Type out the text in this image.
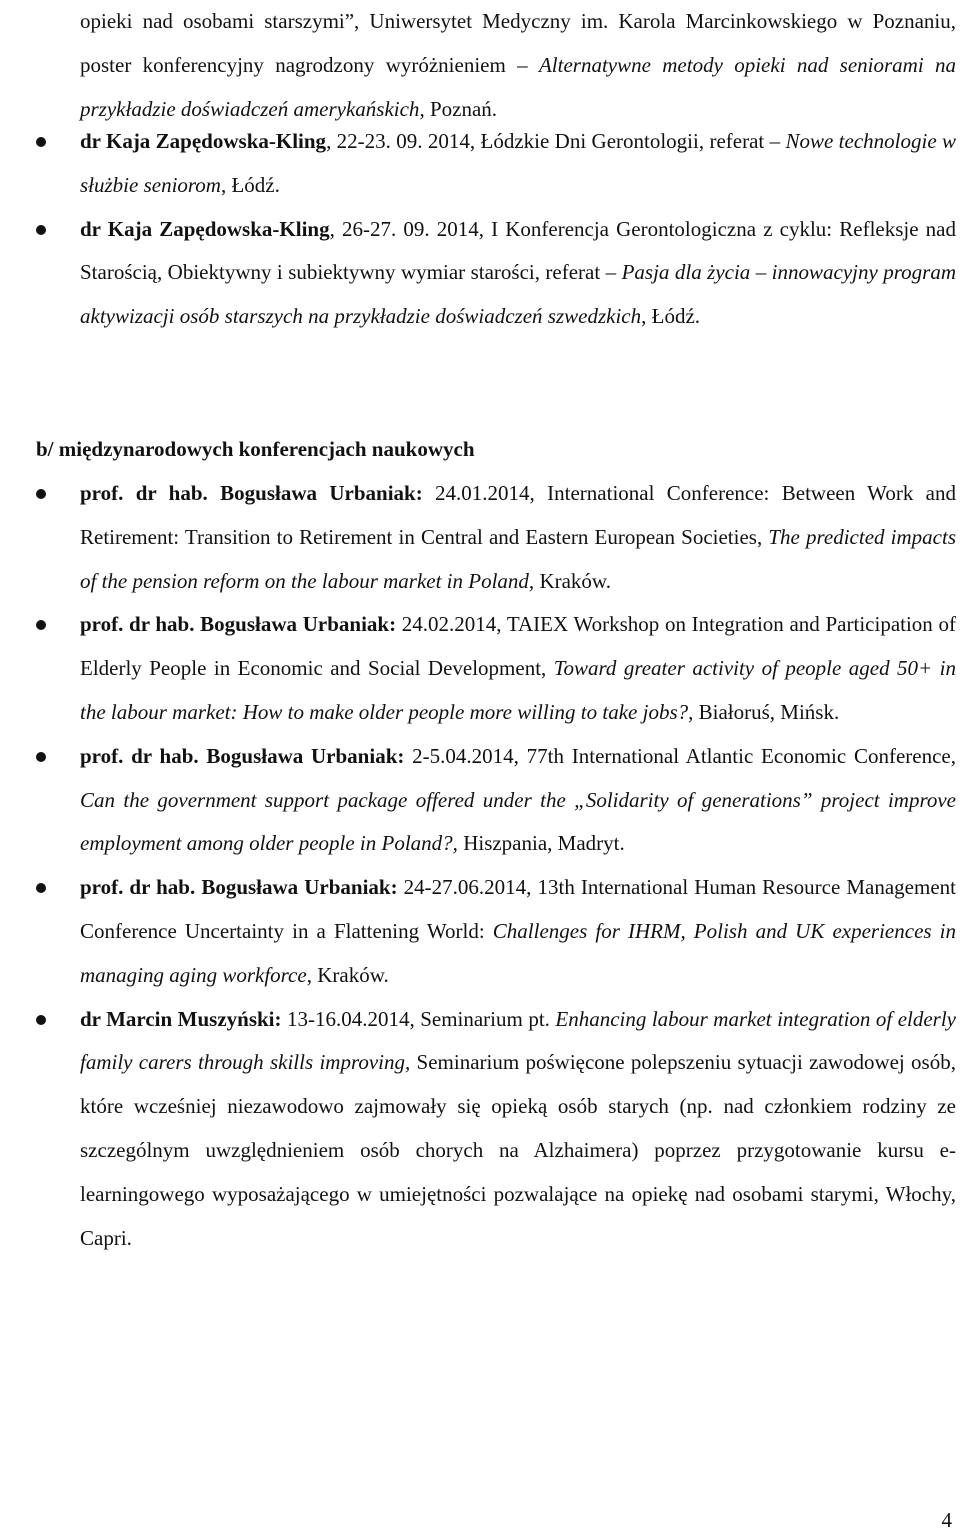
opieki nad osobami starszymi”, Uniwersytet Medyczny im. Karola Marcinkowskiego w Poznaniu, poster konferencyjny nagrodzony wyróżnieniem – Alternatywne metody opieki nad seniorami na przykładzie doświadczeń amerykańskich, Poznań.
dr Kaja Zapędowska-Kling, 22-23. 09. 2014, Łódzkie Dni Gerontologii, referat – Nowe technologie w służbie seniorom, Łódź.
dr Kaja Zapędowska-Kling, 26-27. 09. 2014, I Konferencja Gerontologiczna z cyklu: Refleksje nad Starością, Obiektywny i subiektywny wymiar starości, referat – Pasja dla życia – innowacyjny program aktywizacji osób starszych na przykładzie doświadczeń szwedzkich, Łódź.
b/ międzynarodowych konferencjach naukowych
prof. dr hab. Bogusława Urbaniak: 24.01.2014, International Conference: Between Work and Retirement: Transition to Retirement in Central and Eastern European Societies, The predicted impacts of the pension reform on the labour market in Poland, Kraków.
prof. dr hab. Bogusława Urbaniak: 24.02.2014, TAIEX Workshop on Integration and Participation of Elderly People in Economic and Social Development, Toward greater activity of people aged 50+ in the labour market: How to make older people more willing to take jobs?, Białoruś, Mińsk.
prof. dr hab. Bogusława Urbaniak: 2-5.04.2014, 77th International Atlantic Economic Conference, Can the government support package offered under the „Solidarity of generations” project improve employment among older people in Poland?, Hiszpania, Madryt.
prof. dr hab. Bogusława Urbaniak: 24-27.06.2014, 13th International Human Resource Management Conference Uncertainty in a Flattening World: Challenges for IHRM, Polish and UK experiences in managing aging workforce, Kraków.
dr Marcin Muszyński: 13-16.04.2014, Seminarium pt. Enhancing labour market integration of elderly family carers through skills improving, Seminarium poświęcone polepszeniu sytuacji zawodowej osób, które wcześniej niezawodowo zajmowały się opieką osób starych (np. nad członkiem rodziny ze szczególnym uwzględnieniem osób chorych na Alzhaimera) poprzez przygotowanie kursu e-learningowego wyposażającego w umiejętności pozwalające na opiekę nad osobami starymi, Włochy, Capri.
4
